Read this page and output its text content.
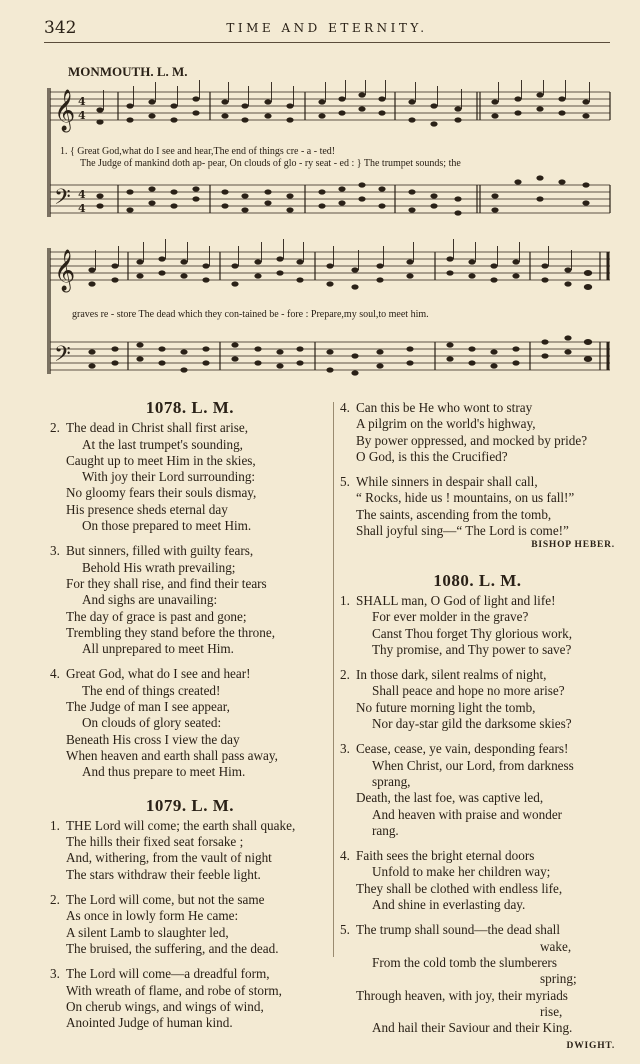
342	TIME AND ETERNITY.
MONMOUTH. L. M.
𝄞
𝄢
𝄞
𝄢
4
4
4
4
1. { Great God,what do I see and hear,The end of things cre - a - ted!
The Judge of mankind doth ap- pear, On clouds of glo - ry seat - ed : } The trumpet sounds; the
graves re - store The dead which they con-tained be - fore : Prepare,my soul,to meet him.
1078. L. M.
2. The dead in Christ shall first arise,
At the last trumpet's sounding,
Caught up to meet Him in the skies,
With joy their Lord surrounding:
No gloomy fears their souls dismay,
His presence sheds eternal day
On those prepared to meet Him.
3. But sinners, filled with guilty fears,
Behold His wrath prevailing;
For they shall rise, and find their tears
And sighs are unavailing:
The day of grace is past and gone;
Trembling they stand before the throne,
All unprepared to meet Him.
4. Great God, what do I see and hear!
The end of things created!
The Judge of man I see appear,
On clouds of glory seated:
Beneath His cross I view the day
When heaven and earth shall pass away,
And thus prepare to meet Him.
1079. L. M.
1. THE Lord will come; the earth shall quake,
The hills their fixed seat forsake ;
And, withering, from the vault of night
The stars withdraw their feeble light.
2. The Lord will come, but not the same
As once in lowly form He came:
A silent Lamb to slaughter led,
The bruised, the suffering, and the dead.
3. The Lord will come—a dreadful form,
With wreath of flame, and robe of storm,
On cherub wings, and wings of wind,
Anointed Judge of human kind.
4. Can this be He who wont to stray
A pilgrim on the world's highway,
By power oppressed, and mocked by pride?
O God, is this the Crucified?
5. While sinners in despair shall call,
“ Rocks, hide us ! mountains, on us fall!”
The saints, ascending from the tomb,
Shall joyful sing—“ The Lord is come!”
BISHOP HEBER.
1080. L. M.
1. SHALL man, O God of light and life!
For ever molder in the grave?
Canst Thou forget Thy glorious work,
Thy promise, and Thy power to save?
2. In those dark, silent realms of night,
Shall peace and hope no more arise?
No future morning light the tomb,
Nor day-star gild the darksome skies?
3. Cease, cease, ye vain, desponding fears!
When Christ, our Lord, from darkness
sprang,
Death, the last foe, was captive led,
And heaven with praise and wonder
rang.
4. Faith sees the bright eternal doors
Unfold to make her children way;
They shall be clothed with endless life,
And shine in everlasting day.
5. The trump shall sound—the dead shall
wake,
From the cold tomb the slumberers
spring;
Through heaven, with joy, their myriads
rise,
And hail their Saviour and their King.
DWIGHT.
